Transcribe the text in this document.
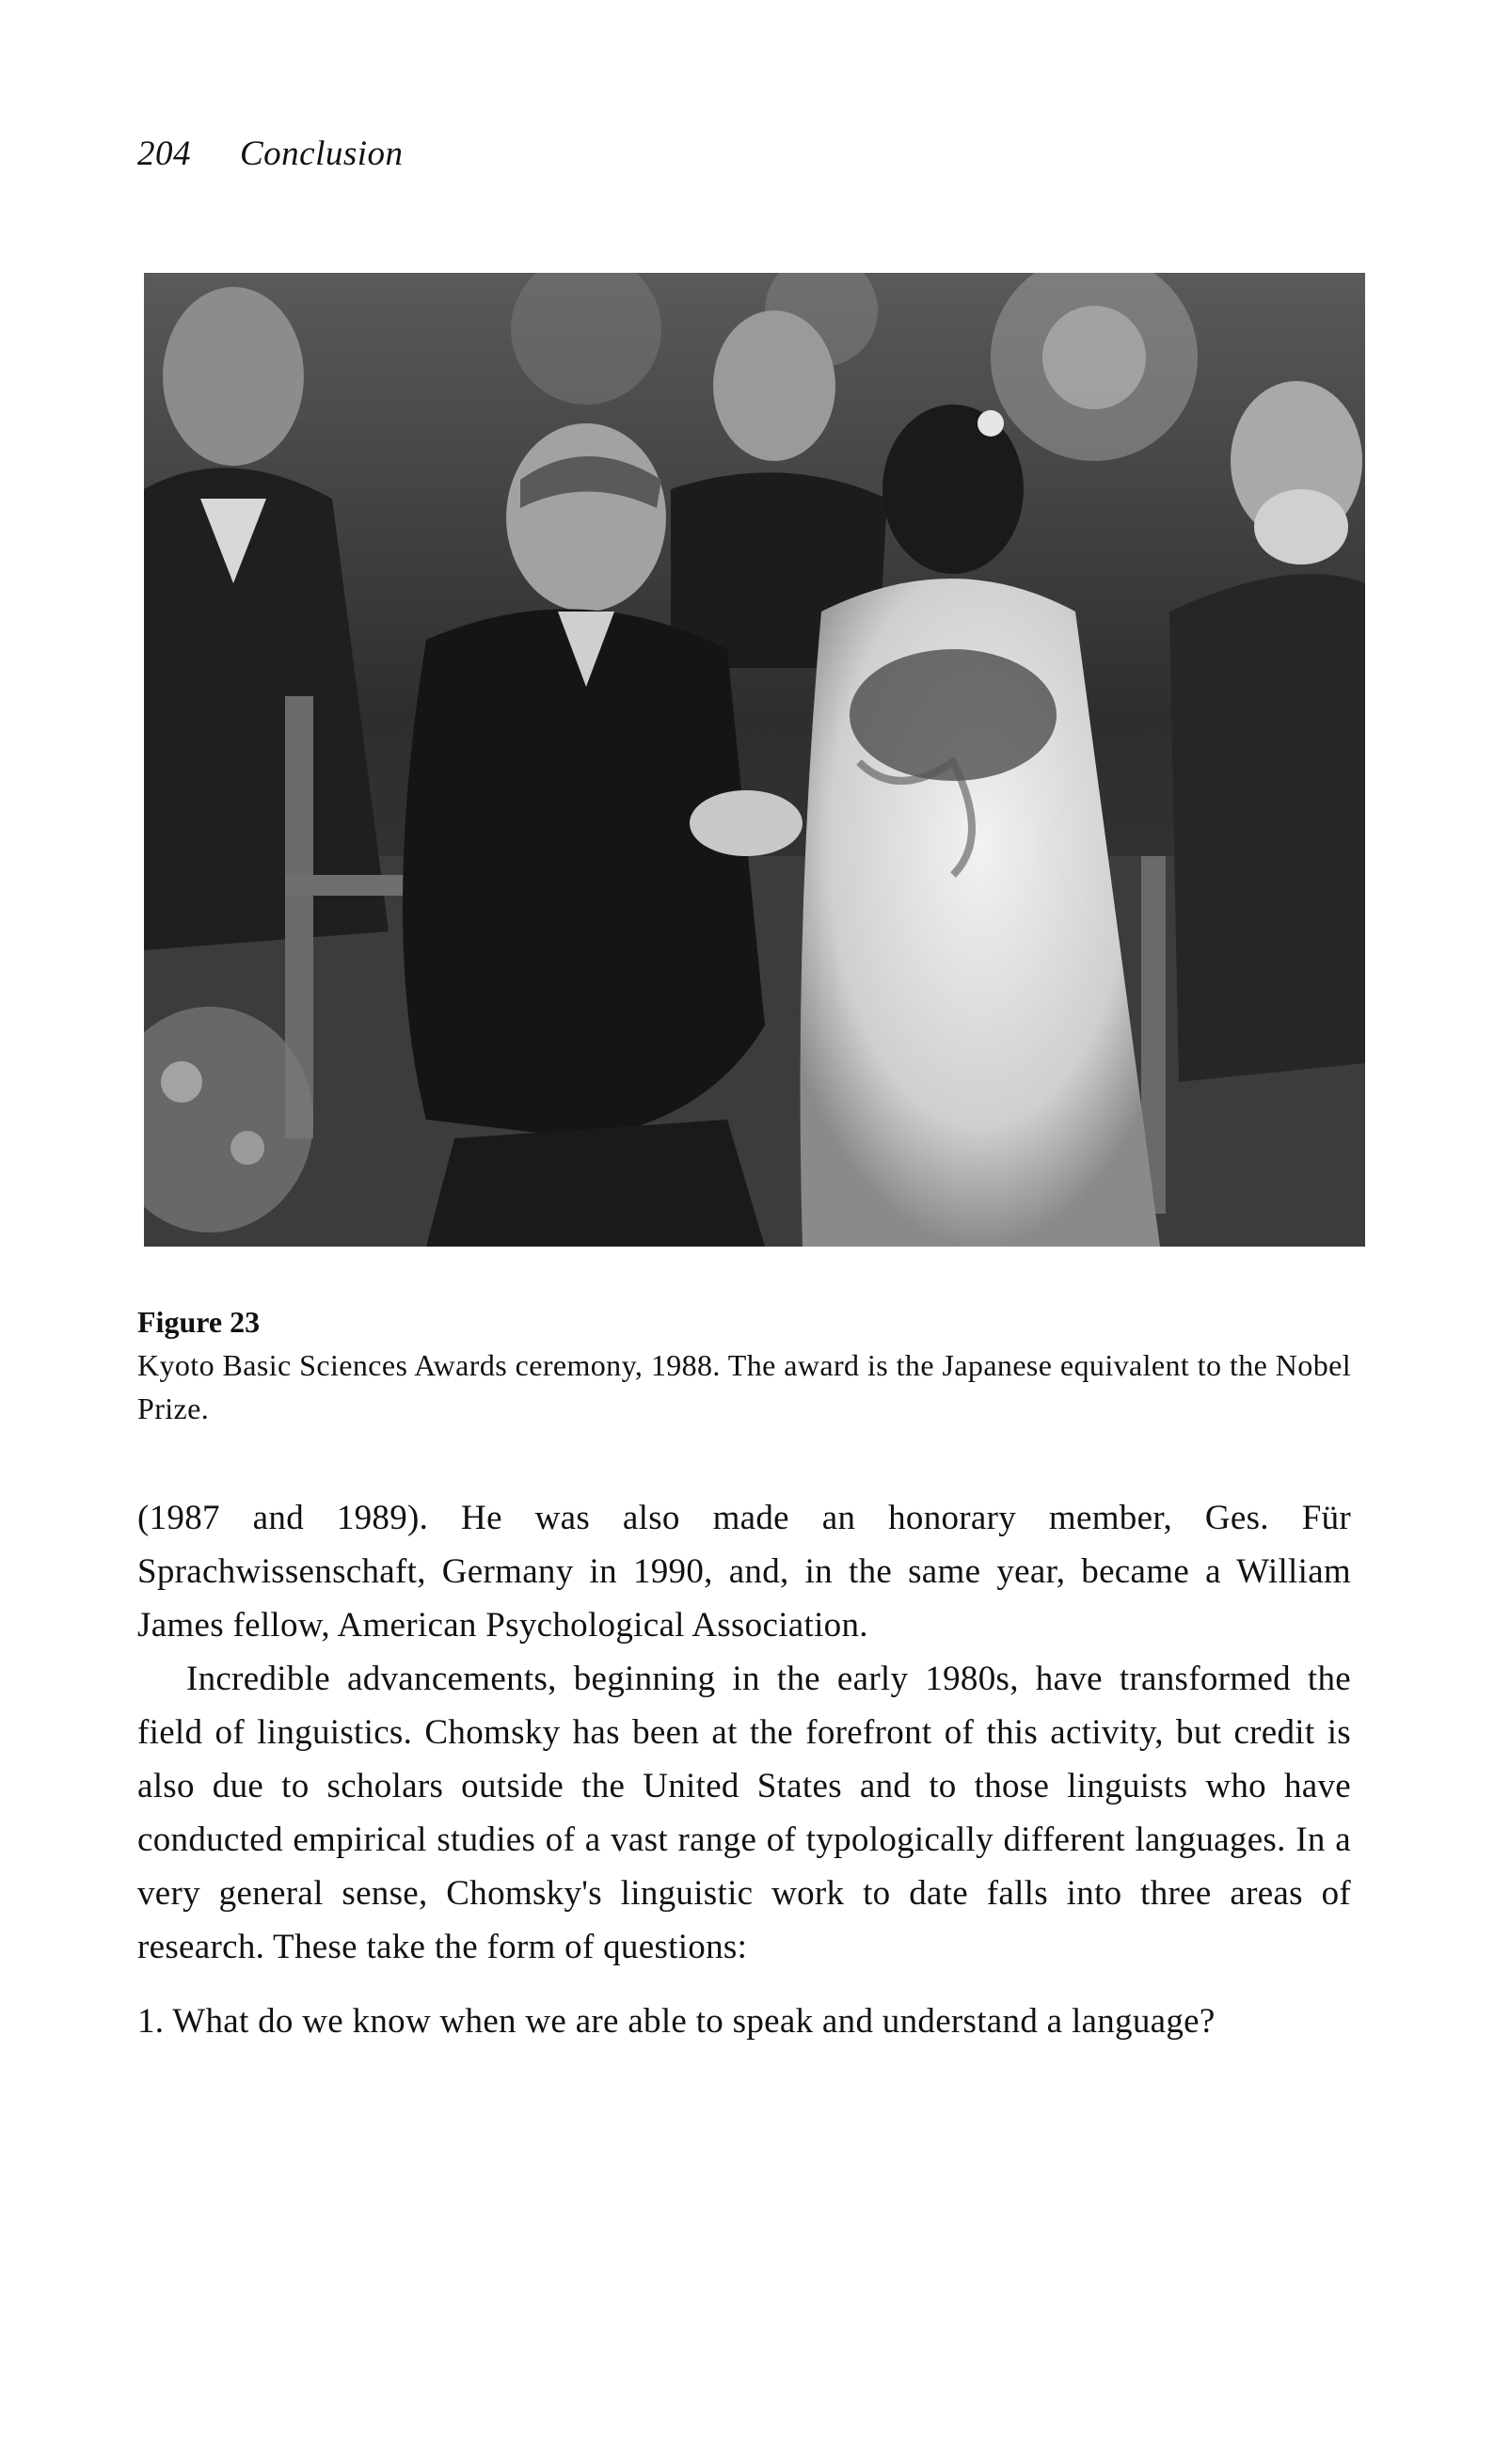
204 Conclusion
Figure 23
Kyoto Basic Sciences Awards ceremony, 1988. The award is the Japanese equivalent to the Nobel Prize.

(1987 and 1989). He was also made an honorary member, Ges. Für Sprachwissenschaft, Germany in 1990, and, in the same year, became a William James fellow, American Psychological Association.

Incredible advancements, beginning in the early 1980s, have transformed the field of linguistics. Chomsky has been at the forefront of this activity, but credit is also due to scholars outside the United States and to those linguists who have conducted empirical studies of a vast range of typologically different languages. In a very general sense, Chomsky's linguistic work to date falls into three areas of research. These take the form of questions:

1. What do we know when we are able to speak and understand a language?
